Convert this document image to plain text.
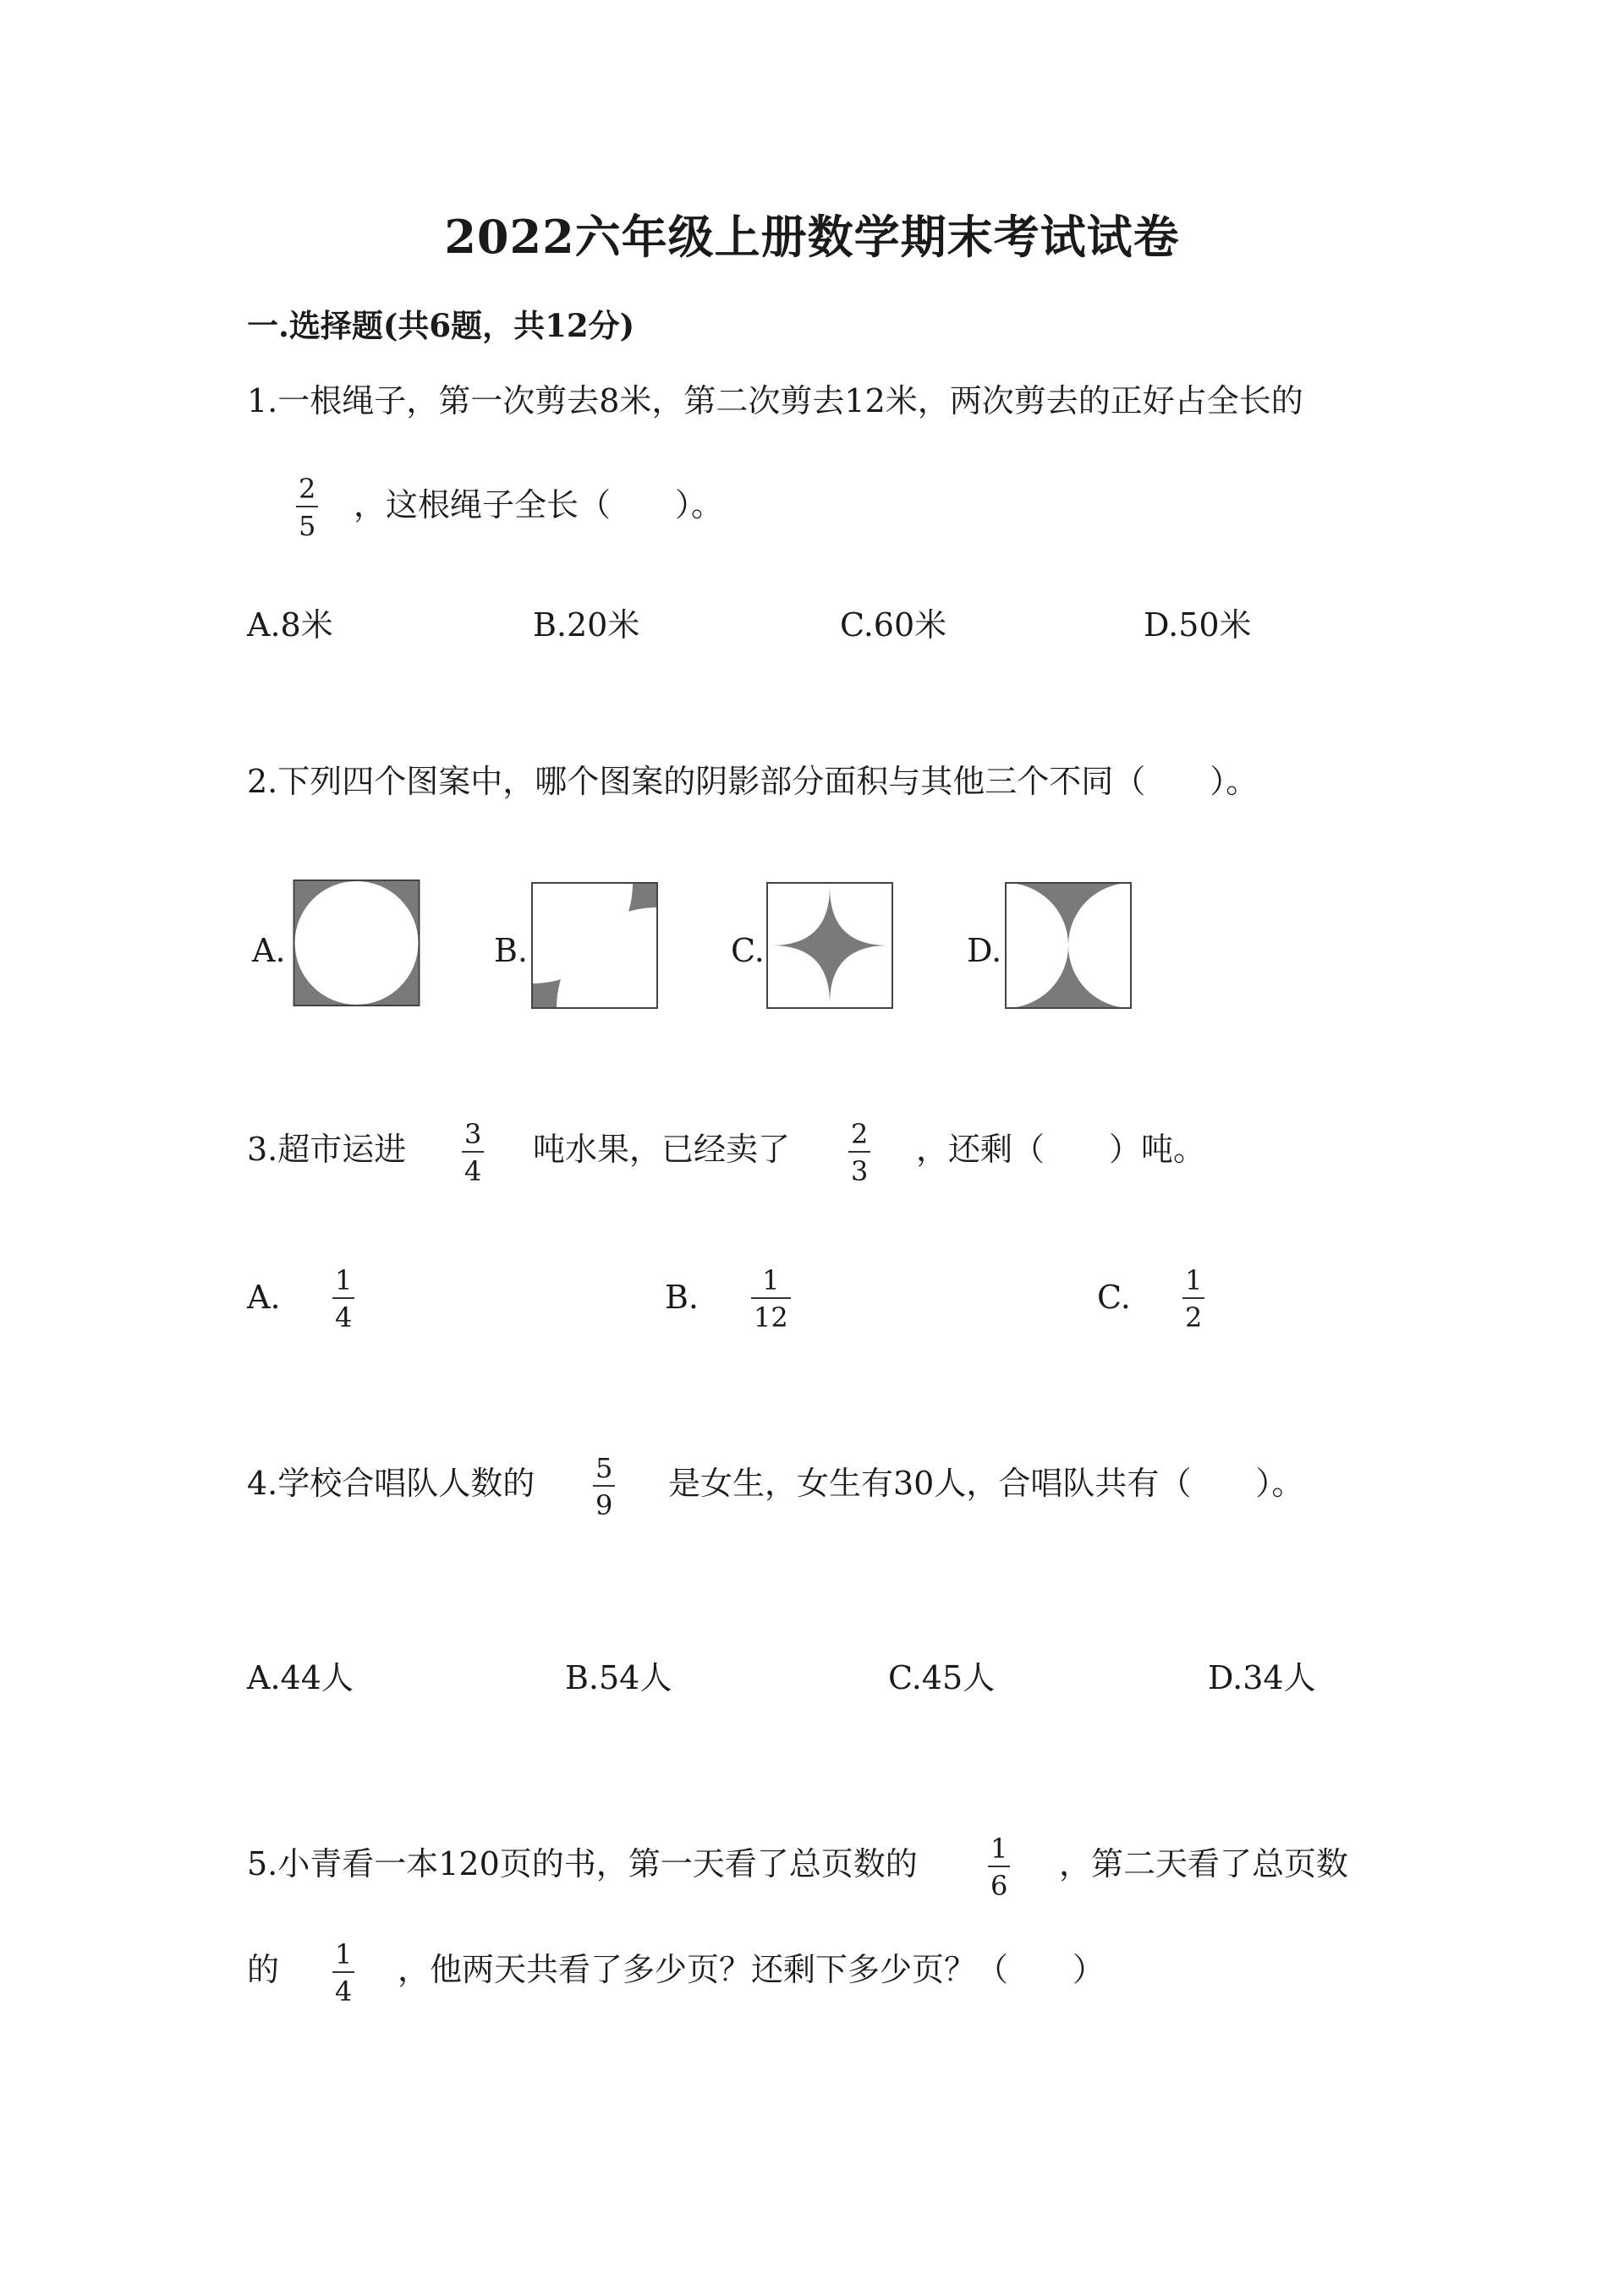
2022六年级上册数学期末考试试卷
一.选择题(共6题，共12分)
1.一根绳子，第一次剪去8米，第二次剪去12米，两次剪去的正好占全长的
2
5
，这根绳子全长（　　）。
A.8米	B.20米	C.60米	D.50米
2.下列四个图案中，哪个图案的阴影部分面积与其他三个不同（　　）。
A.	B.	C.	D.
3.超市运进 3
4
吨水果，已经卖了 2
3
，还剩（　　）吨。
A. 1
4
B. 1
12
C. 1
2
4.学校合唱队人数的 5
9
是女生，女生有30人，合唱队共有（　　）。
A.44人	B.54人	C.45人	D.34人
5.小青看一本120页的书，第一天看了总页数的	1
6
，第二天看了总页数
的 1
4
，他两天共看了多少页？还剩下多少页？（　　）
